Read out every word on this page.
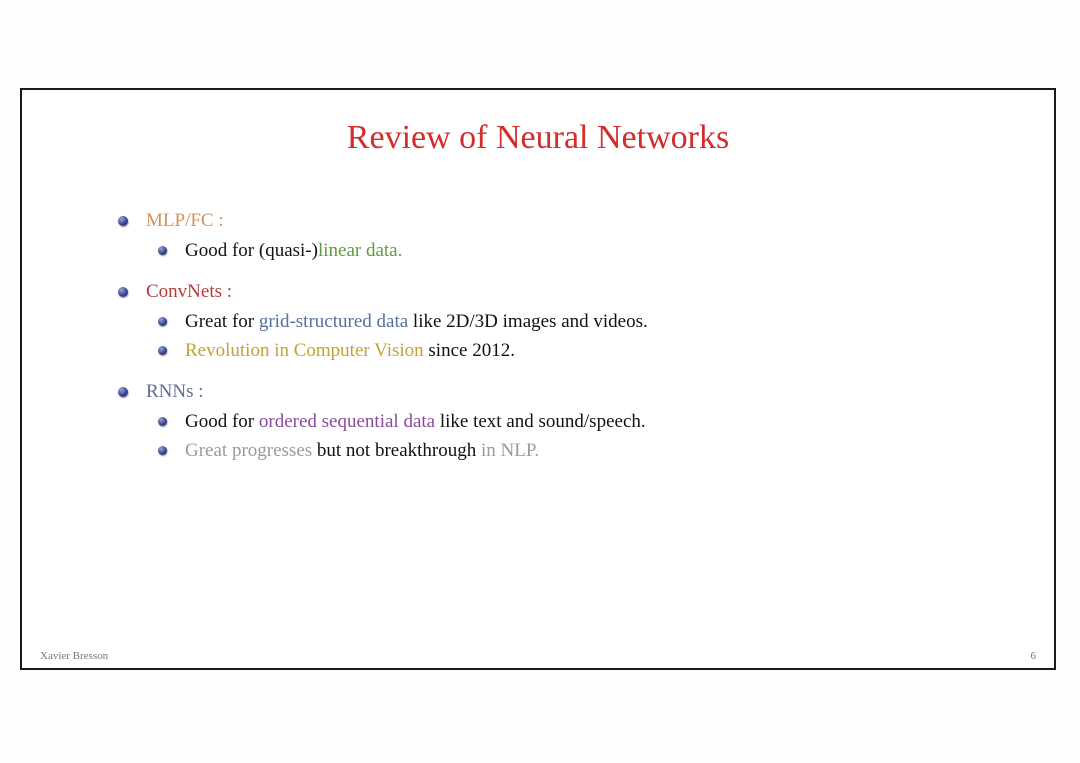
Review of Neural Networks
MLP/FC :
Good for (quasi-)linear data.
ConvNets :
Great for grid-structured data like 2D/3D images and videos.
Revolution in Computer Vision since 2012.
RNNs :
Good for ordered sequential data like text and sound/speech.
Great progresses but not breakthrough in NLP.
Xavier Bresson	6
